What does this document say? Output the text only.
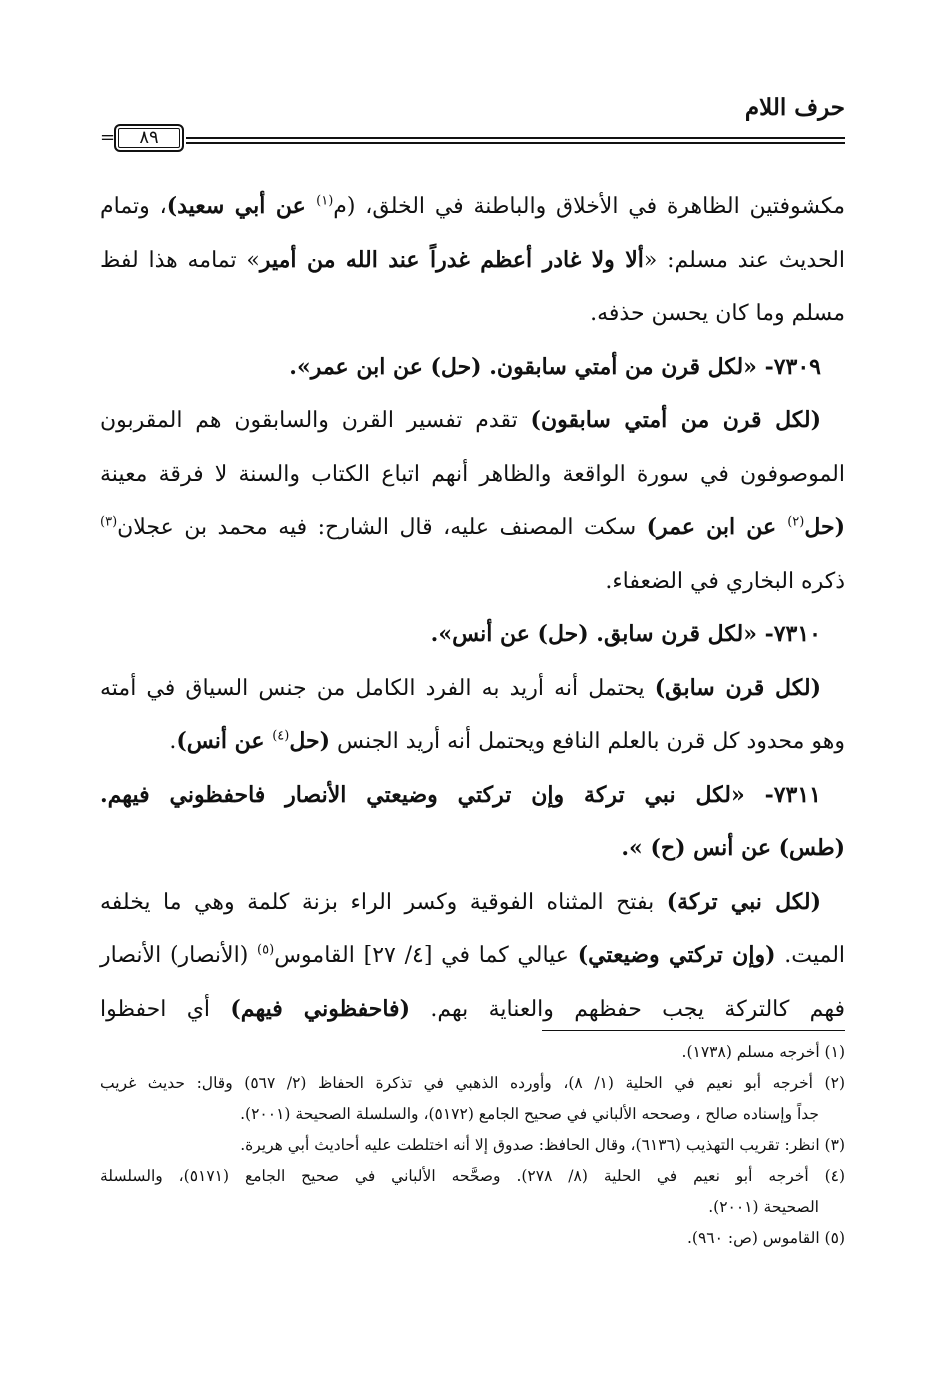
حرف اللام
٨٩
=

مكشوفتين الظاهرة في الأخلاق والباطنة في الخلق، (م$^{(١)}$ عن أبي سعيد)، وتمام الحديث عند مسلم: «ألا ولا غادر أعظم غدراً عند الله من أمير» تمامه هذا لفظ مسلم وما كان يحسن حذفه.

٧٣٠٩- «لكل قرن من أمتي سابقون. (حل) عن ابن عمر».

(لكل قرن من أمتي سابقون) تقدم تفسير القرن والسابقون هم المقربون الموصوفون في سورة الواقعة والظاهر أنهم اتباع الكتاب والسنة لا فرقة معينة (حل$^{(٢)}$ عن ابن عمر) سكت المصنف عليه، قال الشارح: فيه محمد بن عجلان$^{(٣)}$ ذكره البخاري في الضعفاء.

٧٣١٠- «لكل قرن سابق. (حل) عن أنس».

(لكل قرن سابق) يحتمل أنه أريد به الفرد الكامل من جنس السياق في أمته وهو محدود كل قرن بالعلم النافع ويحتمل أنه أريد الجنس (حل$^{(٤)}$ عن أنس).

٧٣١١- «لكل نبي تركة وإن تركتي وضيعتي الأنصار فاحفظوني فيهم.

(طس) عن أنس (ح) ».

(لكل نبي تركة) بفتح المثناه الفوقية وكسر الراء بزنة كلمة وهي ما يخلفه الميت. (وإن تركتي وضيعتي) عيالي كما في [٤/ ٢٧] القاموس$^{(٥)}$ (الأنصار) الأنصار فهم كالتركة يجب حفظهم والعناية بهم. (فاحفظوني فيهم) أي احفظوا

(١) أخرجه مسلم (١٧٣٨).

(٢) أخرجه أبو نعيم في الحلية (١/ ٨)، وأورده الذهبي في تذكرة الحفاظ (٢/ ٥٦٧) وقال: حديث غريب

جداً وإسناده صالح ، وصححه الألباني في صحيح الجامع (٥١٧٢)، والسلسلة الصحيحة (٢٠٠١).

(٣) انظر: تقريب التهذيب (٦١٣٦)، وقال الحافظ: صدوق إلا أنه اختلطت عليه أحاديث أبي هريرة.

(٤) أخرجه أبو نعيم في الحلية (٨/ ٢٧٨). وصحَّحه الألباني في صحيح الجامع (٥١٧١)، والسلسلة

الصحيحة (٢٠٠١).

(٥) القاموس (ص: ٩٦٠).
